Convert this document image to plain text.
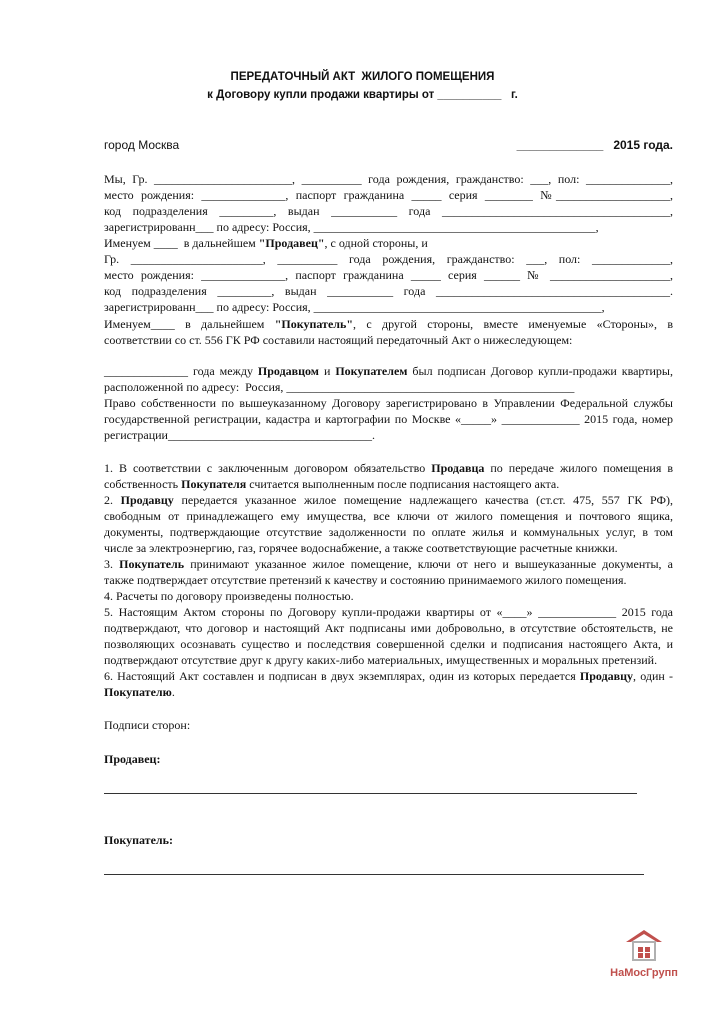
ПЕРЕДАТОЧНЫЙ АКТ  ЖИЛОГО ПОМЕЩЕНИЯ
к Договору купли продажи квартиры от __________   г.
город Москва	_____________   2015 года.
Мы, Гр. _______________________, __________ года рождения, гражданство: ___, пол: ______________,
место рождения: ______________, паспорт гражданина _____ серия ________ №___________________,
код подразделения _________, выдан ___________ года ______________________________________,
зарегистрированн___ по адресу: Россия, _______________________________________________,
Именуем ____  в дальнейшем "Продавец", с одной стороны, и
Гр. ______________________, __________ года рождения, гражданство: ___, пол: _____________,
место рождения: ______________, паспорт гражданина _____ серия ______ № ____________________,
код подразделения _________, выдан ___________ года _______________________________________.
зарегистрированн___ по адресу: Россия, ________________________________________________,
Именуем____ в дальнейшем "Покупатель", с другой стороны, вместе именуемые «Стороны», в
соответствии со ст. 556 ГК РФ составили настоящий передаточный Акт о нижеследующем:
______________ года между Продавцом и Покупателем был подписан Договор купли-продажи квартиры,
расположенной по адресу:  Россия, ________________________________________________
Право собственности по вышеуказанному Договору зарегистрировано в Управлении Федеральной службы
государственной регистрации, кадастра и картографии по Москве «_____» _____________ 2015 года, номер
регистрации__________________________________.
1. В соответствии с заключенным договором обязательство Продавца по передаче жилого помещения в
собственность Покупателя считается выполненным после подписания настоящего акта.
2. Продавцу передается указанное жилое помещение надлежащего качества (ст.ст. 475, 557 ГК РФ),
свободным от принадлежащего ему имущества, все ключи от жилого помещения и почтового ящика,
документы, подтверждающие отсутствие задолженности по оплате жилья и коммунальных услуг, в том
числе за электроэнергию, газ, горячее водоснабжение, а также соответствующие расчетные книжки.
3. Покупатель принимают указанное жилое помещение, ключи от него и вышеуказанные документы, а
также подтверждает отсутствие претензий к качеству и состоянию принимаемого жилого помещения.
4. Расчеты по договору произведены полностью.
5. Настоящим Актом стороны по Договору купли-продажи квартиры от «____» _____________ 2015 года
подтверждают, что договор и настоящий Акт подписаны ими добровольно, в отсутствие обстоятельств, не
позволяющих осознавать существо и последствия совершенной сделки и подписания настоящего Акта, и
подтверждают отсутствие друг к другу каких-либо материальных, имущественных и моральных претензий.
6. Настоящий Акт составлен и подписан в двух экземплярах, один из которых передается Продавцу, один -
Покупателю.
Подписи сторон:
Продавец:
Покупатель:
НаМосГрупп
